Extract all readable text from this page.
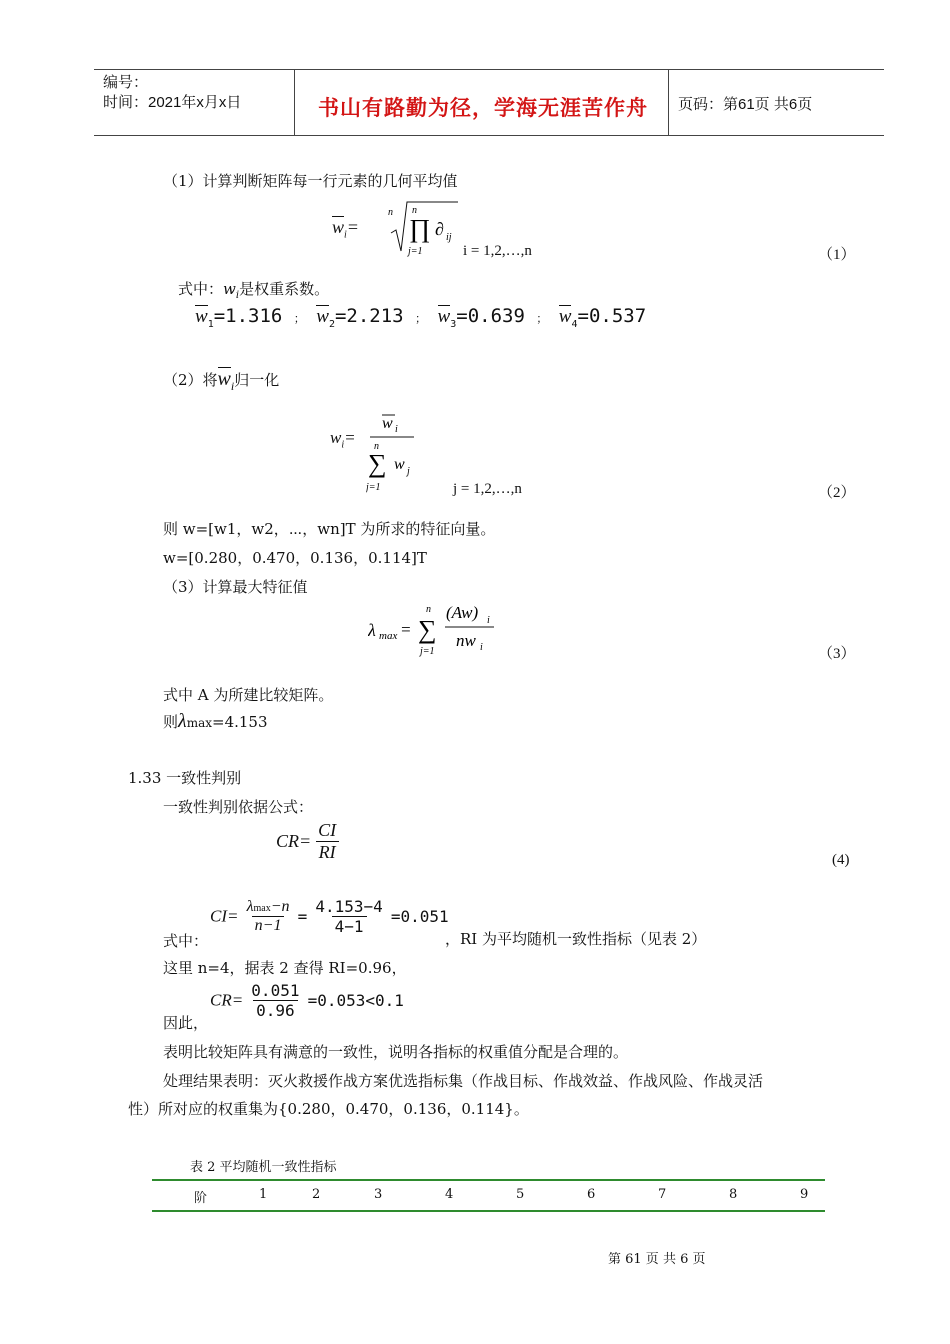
编号：
时间：2021年x月x日	书山有路勤为径，学海无涯苦作舟 页码：第61页 共6页
（1）计算判断矩阵每一行元素的几何平均值
$w_i=$
n n
∏
j=1
∂ ij
i = 1,2,…,n	（1）
式中：$w_i$是权重系数。
$w_1=1.316$ ； $w_2=2.213$ ； $w_3=0.639$ ； $w_4=0.537$
（2）将$w_i$归一化
$w_i=$
w i
n
∑ w j
j=1	j = 1,2,…,n	（2）
则 w=[w1，w2，⋯，wn]T 为所求的特征向量。
w=[0.280，0.470，0.136，0.114]T
（3）计算最大特征值
λ max =
n
∑
j=1
(Aw) i
nw i	（3）
式中 A 为所建比较矩阵。
则λmax=4.153
1.33 一致性判别
一致性判别依据公式：
$CR= \frac{CI}{RI}$	(4)
式中：
$CI= \frac{\lambda\max-n}{n-1} = \frac{4.153-4}{4-1} =0.051$
，RI 为平均随机一致性指标（见表 2）
这里 n=4，据表 2 查得 RI=0.96，
因此，
$CR= \frac{0.051}{0.96} =0.053<0.1$
表明比较矩阵具有满意的一致性，说明各指标的权重值分配是合理的。
处理结果表明：灭火救援作战方案优选指标集（作战目标、作战效益、作战风险、作战灵活
性）所对应的权重集为{0.280，0.470，0.136，0.114}。
表 2 平均随机一致性指标
阶	1	2	3	4	5	6	7	8	9
第 61 页 共 6 页
